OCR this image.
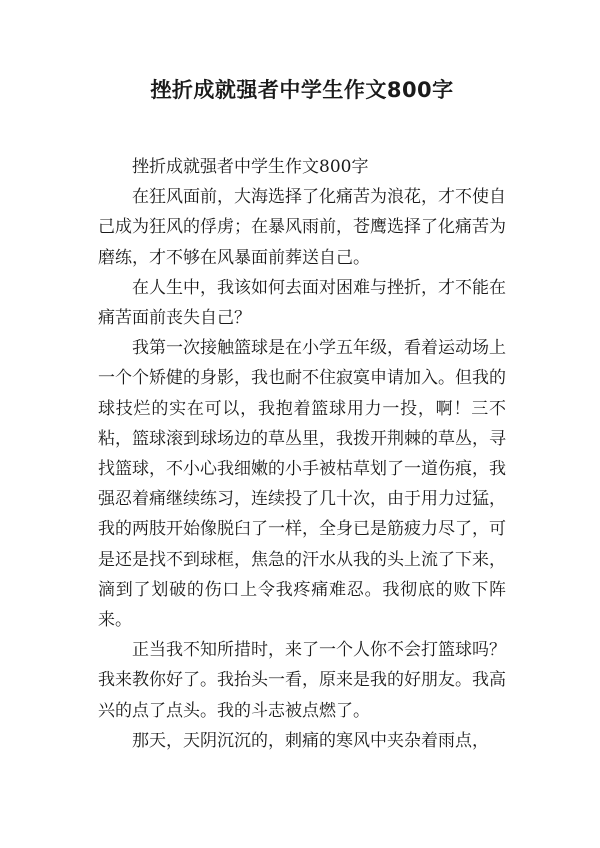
挫折成就强者中学生作文800字

挫折成就强者中学生作文800字

在狂风面前，大海选择了化痛苦为浪花，才不使自己成为狂风的俘虏；在暴风雨前，苍鹰选择了化痛苦为磨练，才不够在风暴面前葬送自己。

在人生中，我该如何去面对困难与挫折，才不能在痛苦面前丧失自己？

我第一次接触篮球是在小学五年级，看着运动场上一个个矫健的身影，我也耐不住寂寞申请加入。但我的球技烂的实在可以，我抱着篮球用力一投，啊！三不粘，篮球滚到球场边的草丛里，我拨开荆棘的草丛，寻找篮球，不小心我细嫩的小手被枯草划了一道伤痕，我强忍着痛继续练习，连续投了几十次，由于用力过猛，我的两肢开始像脱臼了一样，全身已是筋疲力尽了，可是还是找不到球框，焦急的汗水从我的头上流了下来，滴到了划破的伤口上令我疼痛难忍。我彻底的败下阵来。

正当我不知所措时，来了一个人你不会打篮球吗？我来教你好了。我抬头一看，原来是我的好朋友。我高兴的点了点头。我的斗志被点燃了。

那天，天阴沉沉的，刺痛的寒风中夹杂着雨点，
